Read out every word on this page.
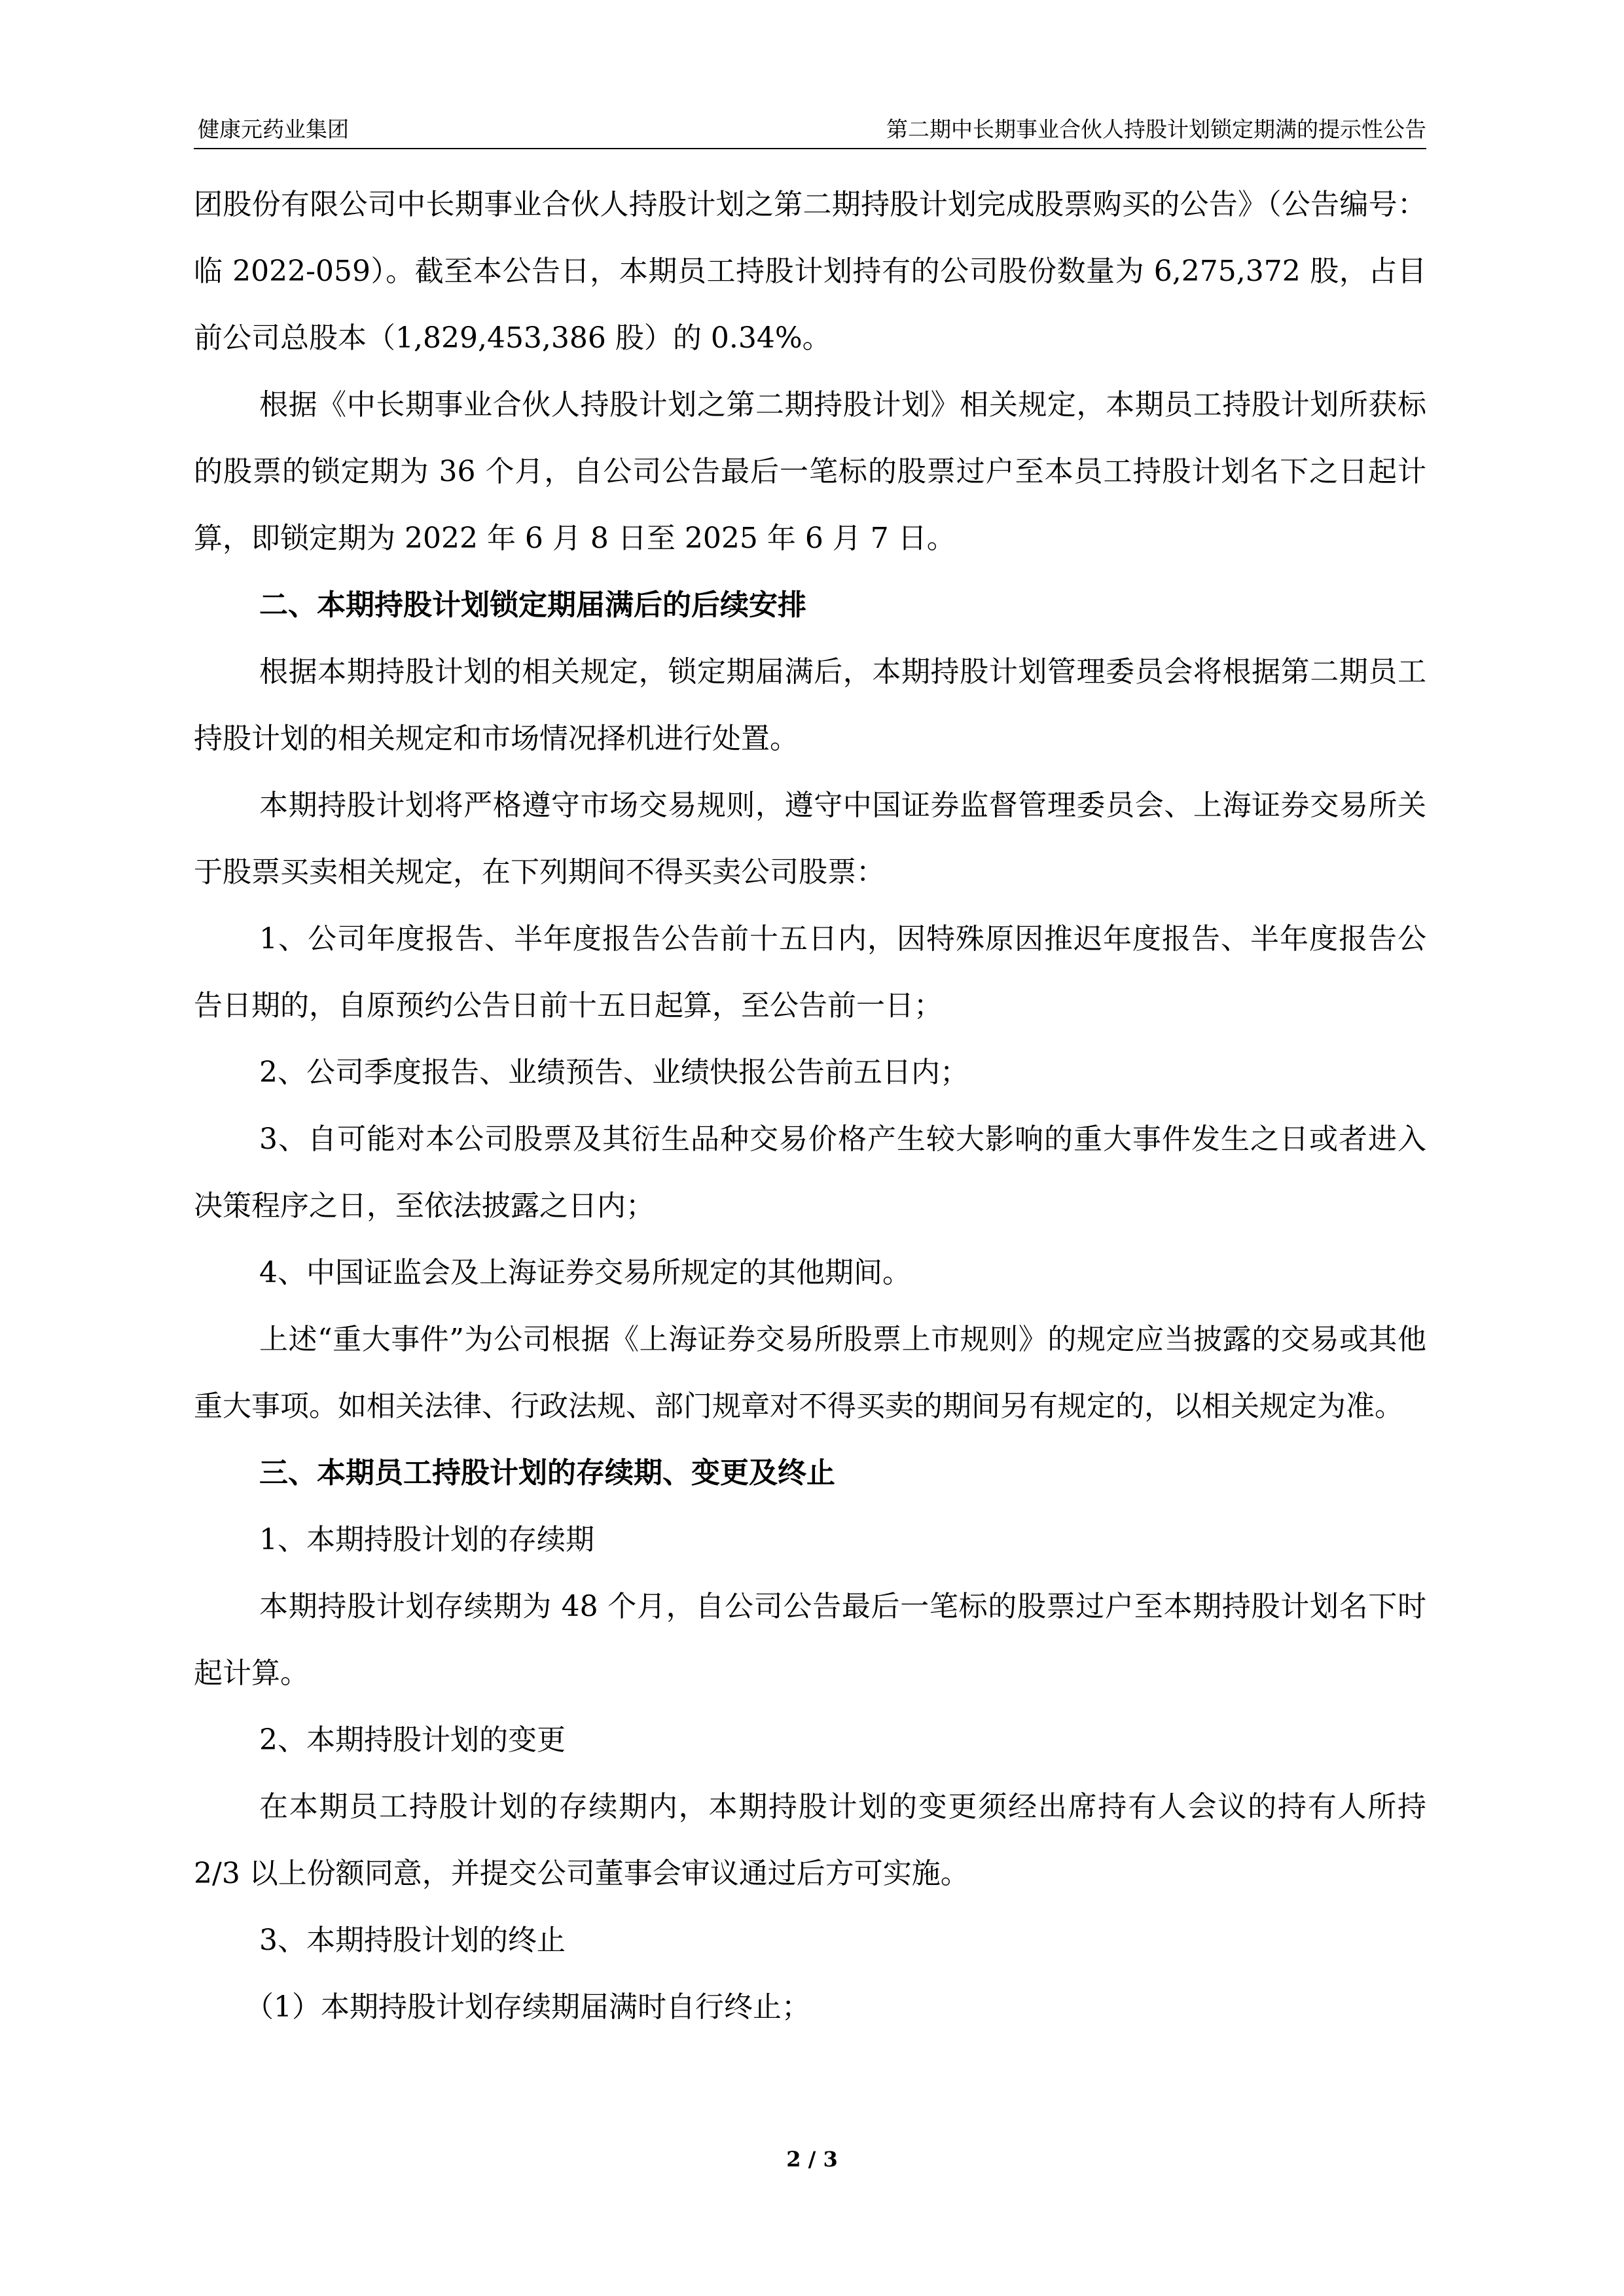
健康元药业集团	第二期中长期事业合伙人持股计划锁定期满的提示性公告

团股份有限公司中长期事业合伙人持股计划之第二期持股计划完成股票购买的公告》（公告编号：临 2022-059）。截至本公告日，本期员工持股计划持有的公司股份数量为 6,275,372 股，占目前公司总股本（1,829,453,386 股）的 0.34%。

根据《中长期事业合伙人持股计划之第二期持股计划》相关规定，本期员工持股计划所获标的股票的锁定期为 36 个月，自公司公告最后一笔标的股票过户至本员工持股计划名下之日起计算，即锁定期为 2022 年 6 月 8 日至 2025 年 6 月 7 日。

二、本期持股计划锁定期届满后的后续安排

根据本期持股计划的相关规定，锁定期届满后，本期持股计划管理委员会将根据第二期员工持股计划的相关规定和市场情况择机进行处置。

本期持股计划将严格遵守市场交易规则，遵守中国证券监督管理委员会、上海证券交易所关于股票买卖相关规定，在下列期间不得买卖公司股票：

1、公司年度报告、半年度报告公告前十五日内，因特殊原因推迟年度报告、半年度报告公告日期的，自原预约公告日前十五日起算，至公告前一日；

2、公司季度报告、业绩预告、业绩快报公告前五日内；

3、自可能对本公司股票及其衍生品种交易价格产生较大影响的重大事件发生之日或者进入决策程序之日，至依法披露之日内；

4、中国证监会及上海证券交易所规定的其他期间。

上述“重大事件”为公司根据《上海证券交易所股票上市规则》的规定应当披露的交易或其他重大事项。如相关法律、行政法规、部门规章对不得买卖的期间另有规定的，以相关规定为准。

三、本期员工持股计划的存续期、变更及终止

1、本期持股计划的存续期

本期持股计划存续期为 48 个月，自公司公告最后一笔标的股票过户至本期持股计划名下时起计算。

2、本期持股计划的变更

在本期员工持股计划的存续期内，本期持股计划的变更须经出席持有人会议的持有人所持 2/3 以上份额同意，并提交公司董事会审议通过后方可实施。

3、本期持股计划的终止

（1）本期持股计划存续期届满时自行终止；

2 / 3
